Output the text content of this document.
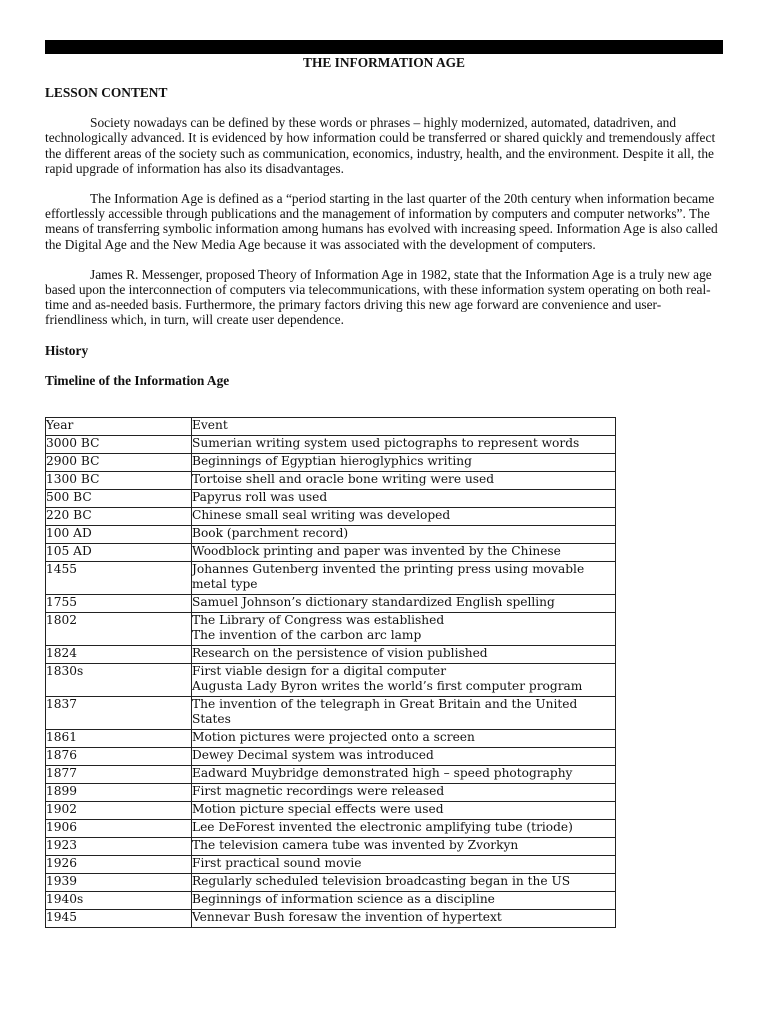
THE INFORMATION AGE
LESSON CONTENT

Society nowadays can be defined by these words or phrases – highly modernized, automated, datadriven, and technologically advanced. It is evidenced by how information could be transferred or shared quickly and tremendously affect the different areas of the society such as communication, economics, industry, health, and the environment. Despite it all, the rapid upgrade of information has also its disadvantages.

The Information Age is defined as a “period starting in the last quarter of the 20th century when information became effortlessly accessible through publications and the management of information by computers and computer networks”. The means of transferring symbolic information among humans has evolved with increasing speed. Information Age is also called the Digital Age and the New Media Age because it was associated with the development of computers.

James R. Messenger, proposed Theory of Information Age in 1982, state that the Information Age is a truly new age based upon the interconnection of computers via telecommunications, with these information system operating on both real-time and as-needed basis. Furthermore, the primary factors driving this new age forward are convenience and user-friendliness which, in turn, will create user dependence.

History
Timeline of the Information Age
Year	Event
3000 BC	Sumerian writing system used pictographs to represent words

2900 BC	Beginnings of Egyptian hieroglyphics writing

1300 BC	Tortoise shell and oracle bone writing were used

500 BC	Papyrus roll was used

220 BC	Chinese small seal writing was developed

100 AD	Book (parchment record)

105 AD	Woodblock printing and paper was invented by the Chinese

1455	Johannes Gutenberg invented the printing press using movable metal type

1755	Samuel Johnson’s dictionary standardized English spelling

1802	The Library of Congress was established
The invention of the carbon arc lamp

1824	Research on the persistence of vision published

1830s	First viable design for a digital computer
Augusta Lady Byron writes the world’s first computer program

1837	The invention of the telegraph in Great Britain and the United States

1861	Motion pictures were projected onto a screen

1876	Dewey Decimal system was introduced

1877	Eadward Muybridge demonstrated high – speed photography

1899	First magnetic recordings were released

1902	Motion picture special effects were used

1906	Lee DeForest invented the electronic amplifying tube (triode)

1923	The television camera tube was invented by Zvorkyn

1926	First practical sound movie

1939	Regularly scheduled television broadcasting began in the US

1940s	Beginnings of information science as a discipline

1945	Vennevar Bush foresaw the invention of hypertext
